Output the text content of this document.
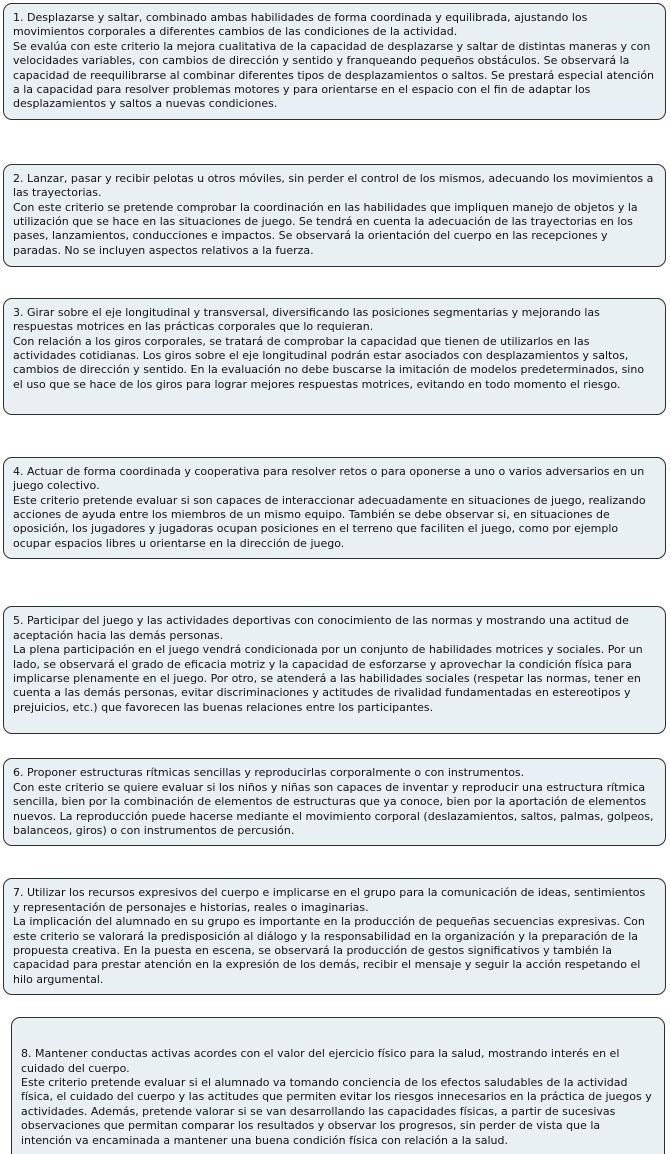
1. Desplazarse y saltar, combinado ambas habilidades de forma coordinada y equilibrada, ajustando los movimientos corporales a diferentes cambios de las condiciones de la actividad.

Se evalúa con este criterio la mejora cualitativa de la capacidad de desplazarse y saltar de distintas maneras y con velocidades variables, con cambios de dirección y sentido y franqueando pequeños obstáculos. Se observará la capacidad de reequilibrarse al combinar diferentes tipos de desplazamientos o saltos. Se prestará especial atención a la capacidad para resolver problemas motores y para orientarse en el espacio con el fin de adaptar los desplazamientos y saltos a nuevas condiciones.

2. Lanzar, pasar y recibir pelotas u otros móviles, sin perder el control de los mismos, adecuando los movimientos a las trayectorias.

Con este criterio se pretende comprobar la coordinación en las habilidades que impliquen manejo de objetos y la utilización que se hace en las situaciones de juego. Se tendrá en cuenta la adecuación de las trayectorias en los pases, lanzamientos, conducciones e impactos. Se observará la orientación del cuerpo en las recepciones y paradas. No se incluyen aspectos relativos a la fuerza.

3. Girar sobre el eje longitudinal y transversal, diversificando las posiciones segmentarias y mejorando las respuestas motrices en las prácticas corporales que lo requieran.

Con relación a los giros corporales, se tratará de comprobar la capacidad que tienen de utilizarlos en las actividades cotidianas. Los giros sobre el eje longitudinal podrán estar asociados con desplazamientos y saltos, cambios de dirección y sentido. En la evaluación no debe buscarse la imitación de modelos predeterminados, sino el uso que se hace de los giros para lograr mejores respuestas motrices, evitando en todo momento el riesgo.

4. Actuar de forma coordinada y cooperativa para resolver retos o para oponerse a uno o varios adversarios en un juego colectivo.

Este criterio pretende evaluar si son capaces de interaccionar adecuadamente en situaciones de juego, realizando acciones de ayuda entre los miembros de un mismo equipo. También se debe observar si, en situaciones de oposición, los jugadores y jugadoras ocupan posiciones en el terreno que faciliten el juego, como por ejemplo ocupar espacios libres u orientarse en la dirección de juego.

5. Participar del juego y las actividades deportivas con conocimiento de las normas y mostrando una actitud de aceptación hacia las demás personas.

La plena participación en el juego vendrá condicionada por un conjunto de habilidades motrices y sociales. Por un lado, se observará el grado de eficacia motriz y la capacidad de esforzarse y aprovechar la condición física para implicarse plenamente en el juego. Por otro, se atenderá a las habilidades sociales (respetar las normas, tener en cuenta a las demás personas, evitar discriminaciones y actitudes de rivalidad fundamentadas en estereotipos y prejuicios, etc.) que favorecen las buenas relaciones entre los participantes.

6. Proponer estructuras rítmicas sencillas y reproducirlas corporalmente o con instrumentos.

Con este criterio se quiere evaluar si los niños y niñas son capaces de inventar y reproducir una estructura rítmica sencilla, bien por la combinación de elementos de estructuras que ya conoce, bien por la aportación de elementos nuevos. La reproducción puede hacerse mediante el movimiento corporal (deslazamientos, saltos, palmas, golpeos, balanceos, giros) o con instrumentos de percusión.

7. Utilizar los recursos expresivos del cuerpo e implicarse en el grupo para la comunicación de ideas, sentimientos y representación de personajes e historias, reales o imaginarias.

La implicación del alumnado en su grupo es importante en la producción de pequeñas secuencias expresivas. Con este criterio se valorará la predisposición al diálogo y la responsabilidad en la organización y la preparación de la propuesta creativa. En la puesta en escena, se observará la producción de gestos significativos y también la capacidad para prestar atención en la expresión de los demás, recibir el mensaje y seguir la acción respetando el hilo argumental.

8. Mantener conductas activas acordes con el valor del ejercicio físico para la salud, mostrando interés en el cuidado del cuerpo.

Este criterio pretende evaluar si el alumnado va tomando conciencia de los efectos saludables de la actividad física, el cuidado del cuerpo y las actitudes que permiten evitar los riesgos innecesarios en la práctica de juegos y actividades. Además, pretende valorar si se van desarrollando las capacidades físicas, a partir de sucesivas observaciones que permitan comparar los resultados y observar los progresos, sin perder de vista que la intención va encaminada a mantener una buena condición física con relación a la salud.
